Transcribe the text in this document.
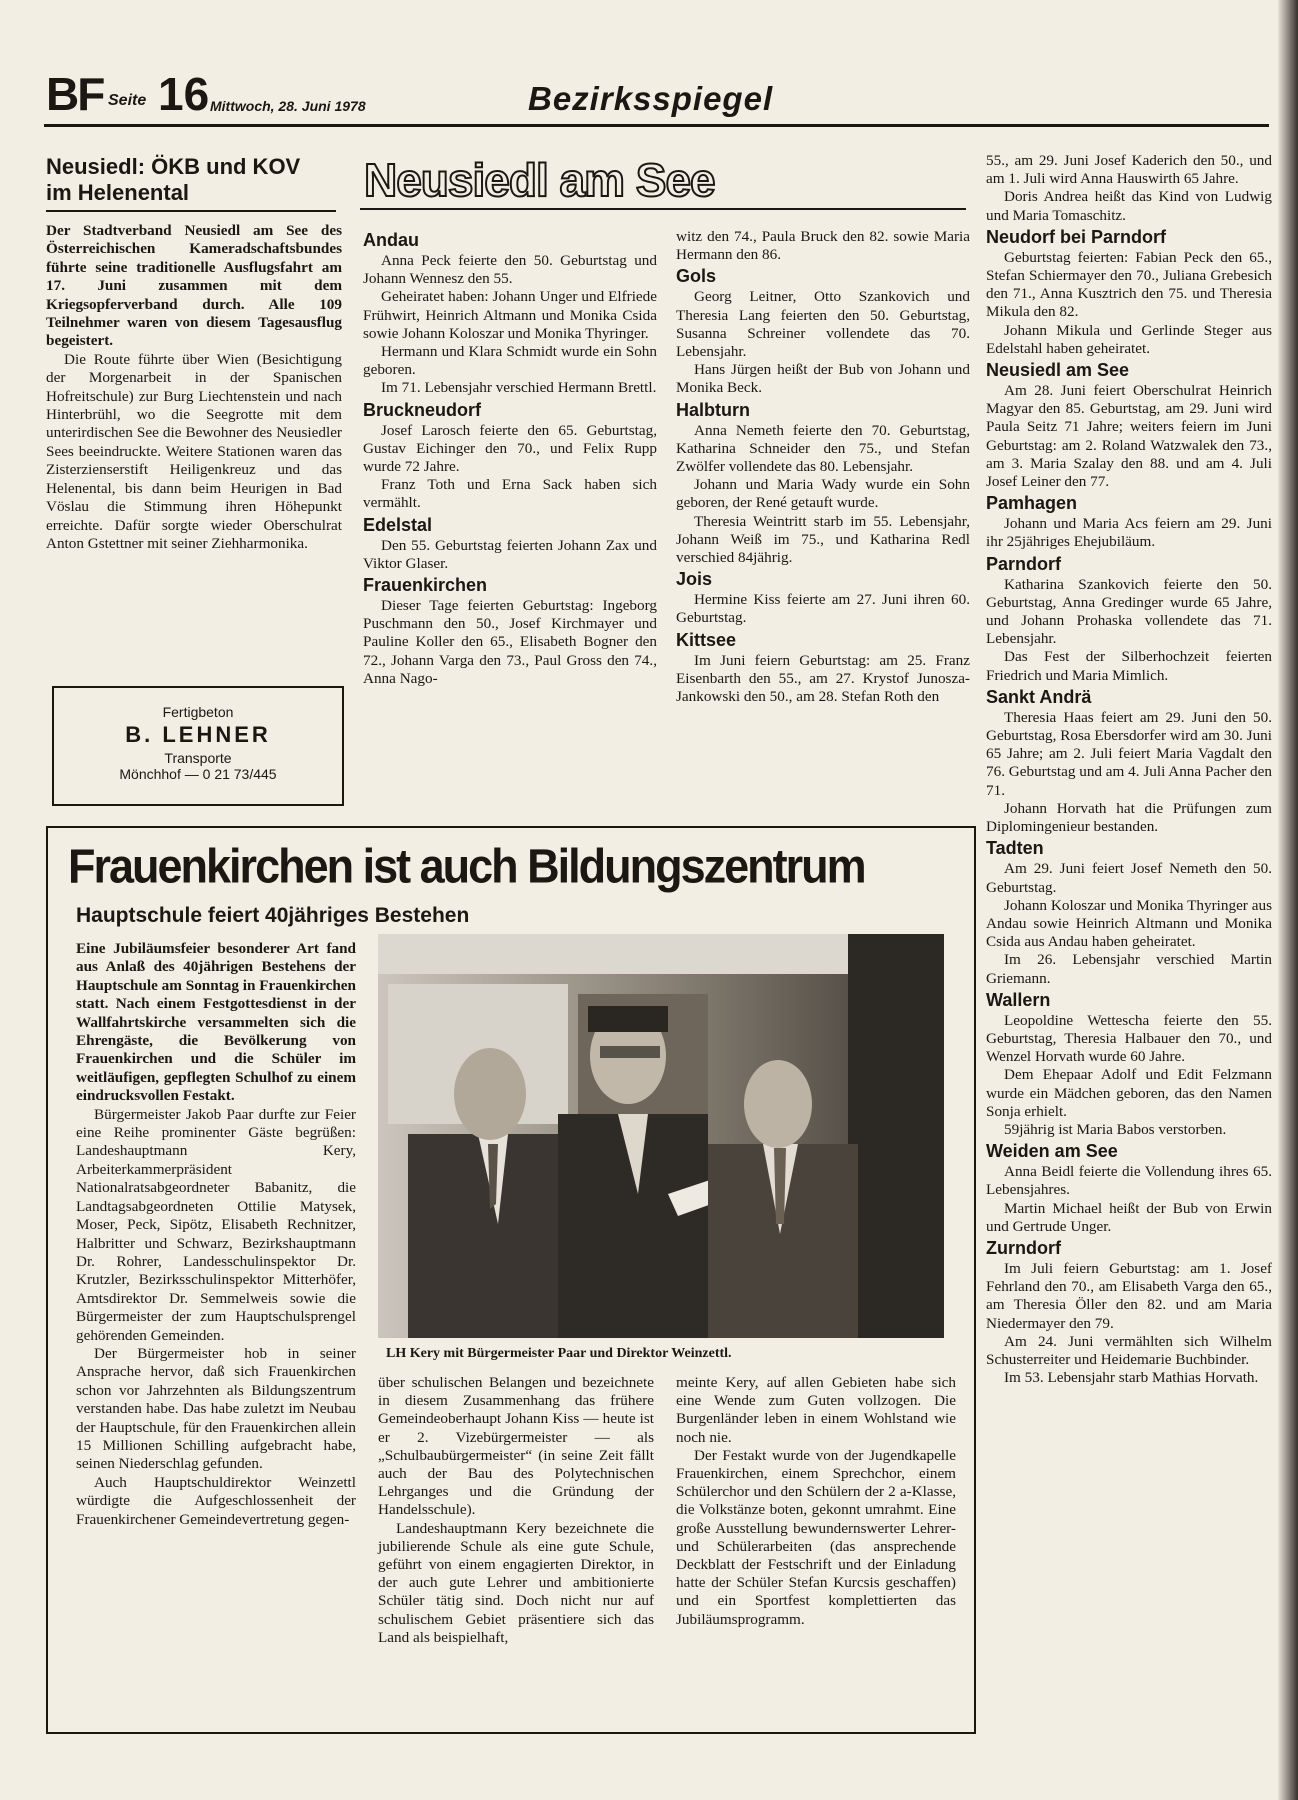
BF Seite 16 Mittwoch, 28. Juni 1978	Bezirksspiegel
Neusiedl: ÖKB und KOV
im Helenental

Der Stadtverband Neusiedl am See des Österreichischen Kameradschaftsbundes führte seine traditionelle Ausflugsfahrt am 17. Juni zusammen mit dem Kriegsopferverband durch. Alle 109 Teilnehmer waren von diesem Tagesausflug begeistert.

Die Route führte über Wien (Besichtigung der Morgenarbeit in der Spanischen Hofreitschule) zur Burg Liechtenstein und nach Hinterbrühl, wo die Seegrotte mit dem unterirdischen See die Bewohner des Neusiedler Sees beeindruckte. Weitere Stationen waren das Zisterzienserstift Heiligenkreuz und das Helenental, bis dann beim Heurigen in Bad Vöslau die Stimmung ihren Höhepunkt erreichte. Dafür sorgte wieder Oberschulrat Anton Gstettner mit seiner Ziehharmonika.

Fertigbeton
B. LEHNER
Transporte
Mönchhof — 0 21 73/445
Neusiedl am See
Andau

Anna Peck feierte den 50. Geburtstag und Johann Wennesz den 55.

Geheiratet haben: Johann Unger und Elfriede Frühwirt, Heinrich Altmann und Monika Csida sowie Johann Koloszar und Monika Thyringer.

Hermann und Klara Schmidt wurde ein Sohn geboren.

Im 71. Lebensjahr verschied Hermann Brettl.

Bruckneudorf

Josef Larosch feierte den 65. Geburtstag, Gustav Eichinger den 70., und Felix Rupp wurde 72 Jahre.

Franz Toth und Erna Sack haben sich vermählt.

Edelstal

Den 55. Geburtstag feierten Johann Zax und Viktor Glaser.

Frauenkirchen

Dieser Tage feierten Geburtstag: Ingeborg Puschmann den 50., Josef Kirchmayer und Pauline Koller den 65., Elisabeth Bogner den 72., Johann Varga den 73., Paul Gross den 74., Anna Nago-

witz den 74., Paula Bruck den 82. sowie Maria Hermann den 86.

Gols

Georg Leitner, Otto Szankovich und Theresia Lang feierten den 50. Geburtstag, Susanna Schreiner vollendete das 70. Lebensjahr.

Hans Jürgen heißt der Bub von Johann und Monika Beck.

Halbturn

Anna Nemeth feierte den 70. Geburtstag, Katharina Schneider den 75., und Stefan Zwölfer vollendete das 80. Lebensjahr.

Johann und Maria Wady wurde ein Sohn geboren, der René getauft wurde.

Theresia Weintritt starb im 55. Lebensjahr, Johann Weiß im 75., und Katharina Redl verschied 84jährig.

Jois

Hermine Kiss feierte am 27. Juni ihren 60. Geburtstag.

Kittsee

Im Juni feiern Geburtstag: am 25. Franz Eisenbarth den 55., am 27. Krystof Junosza-Jankowski den 50., am 28. Stefan Roth den

55., am 29. Juni Josef Kaderich den 50., und am 1. Juli wird Anna Hauswirth 65 Jahre.

Doris Andrea heißt das Kind von Ludwig und Maria Tomaschitz.

Neudorf bei Parndorf

Geburtstag feierten: Fabian Peck den 65., Stefan Schiermayer den 70., Juliana Grebesich den 71., Anna Kusztrich den 75. und Theresia Mikula den 82.

Johann Mikula und Gerlinde Steger aus Edelstahl haben geheiratet.

Neusiedl am See

Am 28. Juni feiert Oberschulrat Heinrich Magyar den 85. Geburtstag, am 29. Juni wird Paula Seitz 71 Jahre; weiters feiern im Juni Geburtstag: am 2. Roland Watzwalek den 73., am 3. Maria Szalay den 88. und am 4. Juli Josef Leiner den 77.

Pamhagen

Johann und Maria Acs feiern am 29. Juni ihr 25jähriges Ehejubiläum.

Parndorf

Katharina Szankovich feierte den 50. Geburtstag, Anna Gredinger wurde 65 Jahre, und Johann Prohaska vollendete das 71. Lebensjahr.

Das Fest der Silberhochzeit feierten Friedrich und Maria Mimlich.

Sankt Andrä

Theresia Haas feiert am 29. Juni den 50. Geburtstag, Rosa Ebersdorfer wird am 30. Juni 65 Jahre; am 2. Juli feiert Maria Vagdalt den 76. Geburtstag und am 4. Juli Anna Pacher den 71.

Johann Horvath hat die Prüfungen zum Diplomingenieur bestanden.

Tadten

Am 29. Juni feiert Josef Nemeth den 50. Geburtstag.

Johann Koloszar und Monika Thyringer aus Andau sowie Heinrich Altmann und Monika Csida aus Andau haben geheiratet.

Im 26. Lebensjahr verschied Martin Griemann.

Wallern

Leopoldine Wettescha feierte den 55. Geburtstag, Theresia Halbauer den 70., und Wenzel Horvath wurde 60 Jahre.

Dem Ehepaar Adolf und Edit Felzmann wurde ein Mädchen geboren, das den Namen Sonja erhielt.

59jährig ist Maria Babos verstorben.

Weiden am See

Anna Beidl feierte die Vollendung ihres 65. Lebensjahres.

Martin Michael heißt der Bub von Erwin und Gertrude Unger.

Zurndorf

Im Juli feiern Geburtstag: am 1. Josef Fehrland den 70., am Elisabeth Varga den 65., am Theresia Öller den 82. und am Maria Niedermayer den 79.

Am 24. Juni vermählten sich Wilhelm Schusterreiter und Heidemarie Buchbinder.

Im 53. Lebensjahr starb Mathias Horvath.

Frauenkirchen ist auch Bildungszentrum
Hauptschule feiert 40jähriges Bestehen

Eine Jubiläumsfeier besonderer Art fand aus Anlaß des 40jährigen Bestehens der Hauptschule am Sonntag in Frauenkirchen statt. Nach einem Festgottesdienst in der Wallfahrtskirche versammelten sich die Ehrengäste, die Bevölkerung von Frauenkirchen und die Schüler im weitläufigen, gepflegten Schulhof zu einem eindrucksvollen Festakt.

Bürgermeister Jakob Paar durfte zur Feier eine Reihe prominenter Gäste begrüßen: Landeshauptmann Kery, Arbeiterkammerpräsident Nationalratsabgeordneter Babanitz, die Landtagsabgeordneten Ottilie Matysek, Moser, Peck, Sipötz, Elisabeth Rechnitzer, Halbritter und Schwarz, Bezirkshauptmann Dr. Rohrer, Landesschulinspektor Dr. Krutzler, Bezirksschulinspektor Mitterhöfer, Amtsdirektor Dr. Semmelweis sowie die Bürgermeister der zum Hauptschulsprengel gehörenden Gemeinden.

Der Bürgermeister hob in seiner Ansprache hervor, daß sich Frauenkirchen schon vor Jahrzehnten als Bildungszentrum verstanden habe. Das habe zuletzt im Neubau der Hauptschule, für den Frauenkirchen allein 15 Millionen Schilling aufgebracht habe, seinen Niederschlag gefunden.

Auch Hauptschuldirektor Weinzettl würdigte die Aufgeschlossenheit der Frauenkirchener Gemeindevertretung gegen-

LH Kery mit Bürgermeister Paar und Direktor Weinzettl.

über schulischen Belangen und bezeichnete in diesem Zusammenhang das frühere Gemeindeoberhaupt Johann Kiss — heute ist er 2. Vizebürgermeister — als „Schulbaubürgermeister“ (in seine Zeit fällt auch der Bau des Polytechnischen Lehrganges und die Gründung der Handelsschule).

Landeshauptmann Kery bezeichnete die jubilierende Schule als eine gute Schule, geführt von einem engagierten Direktor, in der auch gute Lehrer und ambitionierte Schüler tätig sind. Doch nicht nur auf schulischem Gebiet präsentiere sich das Land als beispielhaft,

meinte Kery, auf allen Gebieten habe sich eine Wende zum Guten vollzogen. Die Burgenländer leben in einem Wohlstand wie noch nie.

Der Festakt wurde von der Jugendkapelle Frauenkirchen, einem Sprechchor, einem Schülerchor und den Schülern der 2 a-Klasse, die Volkstänze boten, gekonnt umrahmt. Eine große Ausstellung bewundernswerter Lehrer- und Schülerarbeiten (das ansprechende Deckblatt der Festschrift und der Einladung hatte der Schüler Stefan Kurcsis geschaffen) und ein Sportfest komplettierten das Jubiläumsprogramm.
